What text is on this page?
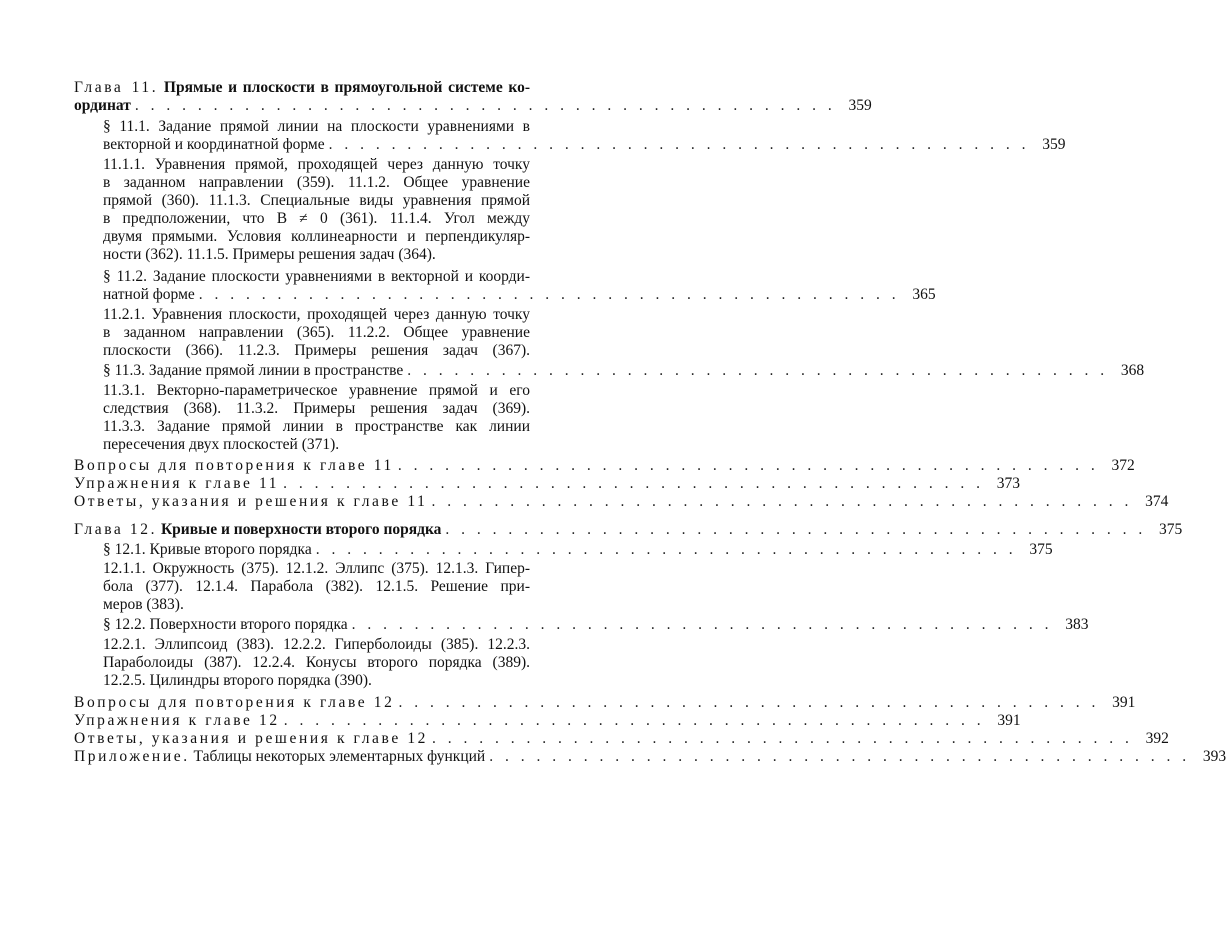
Глава 11. Прямые и плоскости в прямоугольной системе ко-
ординат . . . . . . . . . . . . . . . . . . . . . . . . . . . . . . . . . . . . . . . . . . . . . 359
§ 11.1. Задание прямой линии на плоскости уравнениями в
векторной и координатной форме . . . . . . . . . . . . . . . . . . . . . . . . . . . . . . . . . . . . . . . . . . . . . 359
11.1.1. Уравнения прямой, проходящей через данную точку
в заданном направлении (359). 11.1.2. Общее уравнение
прямой (360). 11.1.3. Специальные виды уравнения прямой
в предположении, что B ≠ 0 (361). 11.1.4. Угол между
двумя прямыми. Условия коллинеарности и перпендикуляр-
ности (362). 11.1.5. Примеры решения задач (364).
§ 11.2. Задание плоскости уравнениями в векторной и коорди-
натной форме . . . . . . . . . . . . . . . . . . . . . . . . . . . . . . . . . . . . . . . . . . . . . 365
11.2.1. Уравнения плоскости, проходящей через данную точку
в заданном направлении (365). 11.2.2. Общее уравнение
плоскости (366). 11.2.3. Примеры решения задач (367).
§ 11.3. Задание прямой линии в пространстве . . . . . . . . . . . . . . . . . . . . . . . . . . . . . . . . . . . . . . . . . . . . . 368
11.3.1. Векторно-параметрическое уравнение прямой и его
следствия (368). 11.3.2. Примеры решения задач (369).
11.3.3. Задание прямой линии в пространстве как линии
пересечения двух плоскостей (371).
Вопросы для повторения к главе 11 . . . . . . . . . . . . . . . . . . . . . . . . . . . . . . . . . . . . . . . . . . . . . 372
Упражнения к главе 11 . . . . . . . . . . . . . . . . . . . . . . . . . . . . . . . . . . . . . . . . . . . . . 373
Ответы, указания и решения к главе 11 . . . . . . . . . . . . . . . . . . . . . . . . . . . . . . . . . . . . . . . . . . . . . 374
Глава 12. Кривые и поверхности второго порядка . . . . . . . . . . . . . . . . . . . . . . . . . . . . . . . . . . . . . . . . . . . . . 375
§ 12.1. Кривые второго порядка . . . . . . . . . . . . . . . . . . . . . . . . . . . . . . . . . . . . . . . . . . . . . 375
12.1.1. Окружность (375). 12.1.2. Эллипс (375). 12.1.3. Гипер-
бола (377). 12.1.4. Парабола (382). 12.1.5. Решение при-
меров (383).
§ 12.2. Поверхности второго порядка . . . . . . . . . . . . . . . . . . . . . . . . . . . . . . . . . . . . . . . . . . . . . 383
12.2.1. Эллипсоид (383). 12.2.2. Гиперболоиды (385). 12.2.3.
Параболоиды (387). 12.2.4. Конусы второго порядка (389).
12.2.5. Цилиндры второго порядка (390).
Вопросы для повторения к главе 12 . . . . . . . . . . . . . . . . . . . . . . . . . . . . . . . . . . . . . . . . . . . . . 391
Упражнения к главе 12 . . . . . . . . . . . . . . . . . . . . . . . . . . . . . . . . . . . . . . . . . . . . . 391
Ответы, указания и решения к главе 12 . . . . . . . . . . . . . . . . . . . . . . . . . . . . . . . . . . . . . . . . . . . . . 392
Приложение. Таблицы некоторых элементарных функций . . . . . . . . . . . . . . . . . . . . . . . . . . . . . . . . . . . . . . . . . . . . . 393
